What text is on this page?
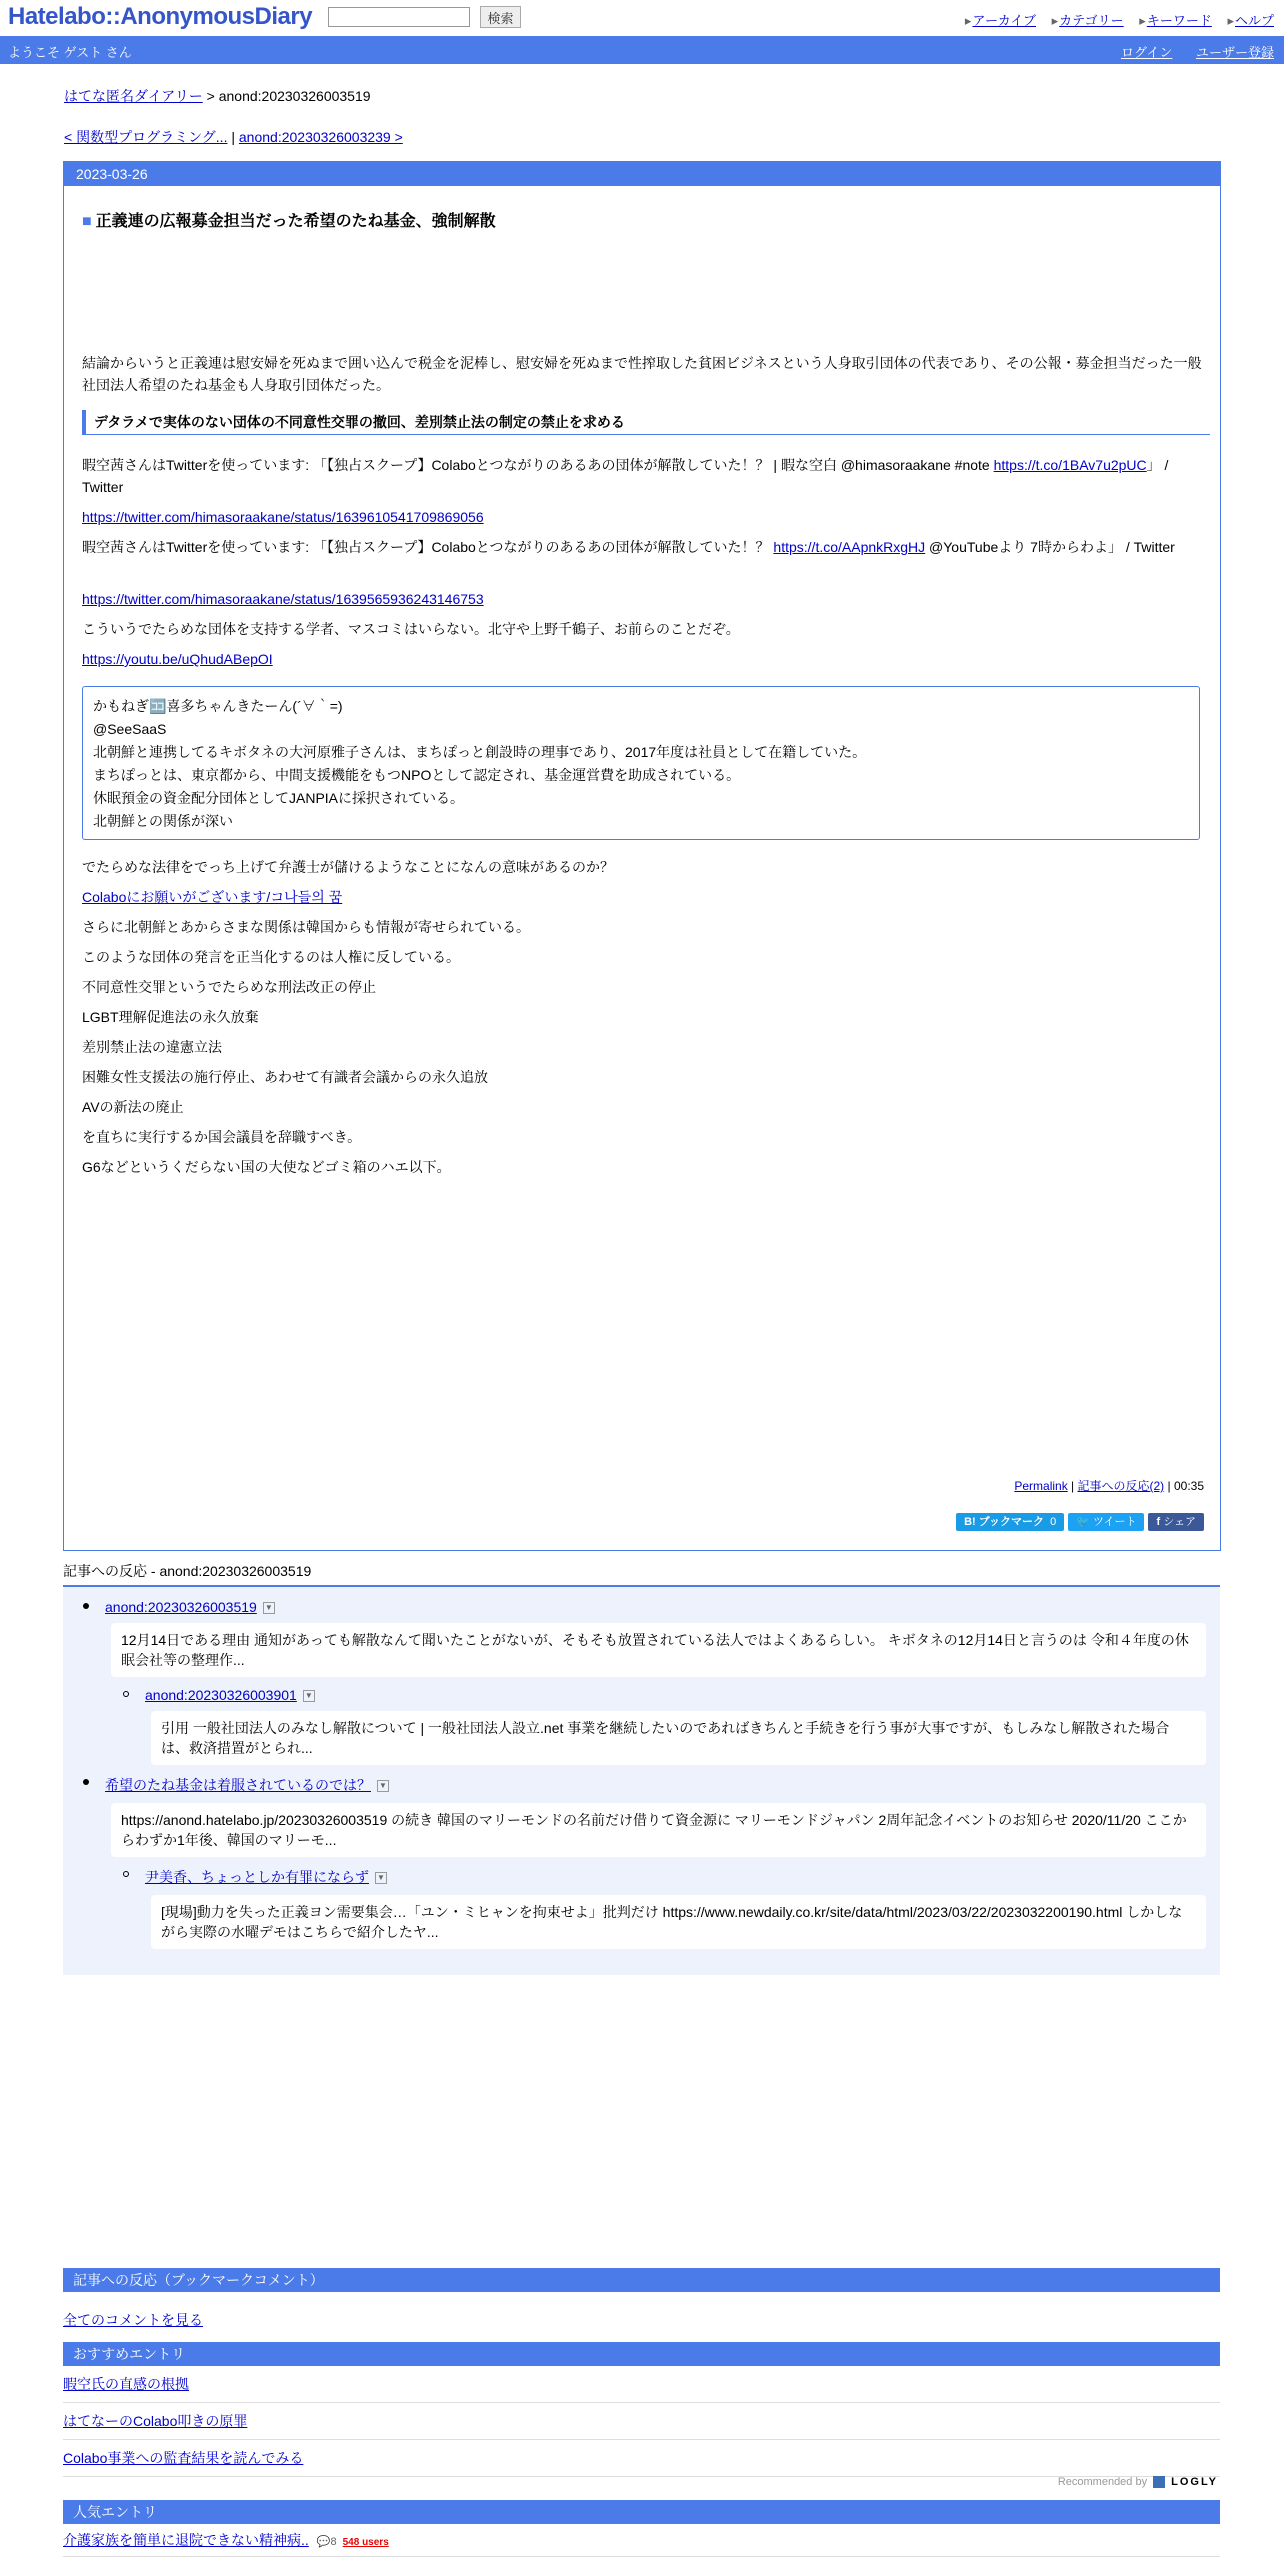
Hatelabo::AnonymousDiary	検索	▸ アーカイブ ▸ カテゴリー ▸ キーワード ▸ ヘルプ
ようこそ ゲスト さん	ログイン ユーザー登録
はてな匿名ダイアリー > anond:20230326003519
< 関数型プログラミング... | anond:20230326003239 >
2023-03-26
■ 正義連の広報募金担当だった希望のたね基金、強制解散
結論からいうと正義連は慰安婦を死ぬまで囲い込んで税金を泥棒し、慰安婦を死ぬまで性搾取した貧困ビジネスという人身取引団体の代表であり、その公報・募金担当だった一般社団法人希望のたね基金も人身取引団体だった。
デタラメで実体のない団体の不同意性交罪の撤回、差別禁止法の制定の禁止を求める
暇空茜さんはTwitterを使っています: 「【独占スクープ】Colaboとつながりのあるあの団体が解散していた！？ | 暇な空白 @himasoraakane #note https://t.co/1BAv7u2pUC」 / Twitter
https://twitter.com/himasoraakane/status/1639610541709869056
暇空茜さんはTwitterを使っています: 「【独占スクープ】Colaboとつながりのあるあの団体が解散していた！？ https://t.co/AApnkRxgHJ @YouTubeより 7時からわよ」 / Twitter
https://twitter.com/himasoraakane/status/1639565936243146753
こういうでたらめな団体を支持する学者、マスコミはいらない。北守や上野千鶴子、お前らのことだぞ。
https://youtu.be/uQhudABepOI
かもねぎ🈁喜多ちゃんきたーん(´∀｀=)
@SeeSaaS
北朝鮮と連携してるキボタネの大河原雅子さんは、まちぽっと創設時の理事であり、2017年度は社員として在籍していた。
まちぽっとは、東京都から、中間支援機能をもつNPOとして認定され、基金運営費を助成されている。
休眠預金の資金配分団体としてJANPIAに採択されている。
北朝鮮との関係が深い
でたらめな法律をでっち上げて弁護士が儲けるようなことになんの意味があるのか？
Colaboにお願いがございます/コ나들의 꿈
さらに北朝鮮とあからさまな関係は韓国からも情報が寄せられている。
このような団体の発言を正当化するのは人権に反している。
不同意性交罪というでたらめな刑法改正の停止
LGBT理解促進法の永久放棄
差別禁止法の違憲立法
困難女性支援法の施行停止、あわせて有識者会議からの永久追放
AVの新法の廃止
を直ちに実行するか国会議員を辞職すべき。
G6などというくだらない国の大使などゴミ箱のハエ以下。
Permalink | 記事への反応(2) | 00:35
B! ブックマーク 0 🐦 ツイート f シェア
記事への反応 - anond:20230326003519
anond:20230326003519 ▼
12月14日である理由 通知があっても解散なんて聞いたことがないが、そもそも放置されている法人ではよくあるらしい。 キボタネの12月14日と言うのは 令和４年度の休眠会社等の整理作...
anond:20230326003901 ▼
引用 一般社団法人のみなし解散について | 一般社団法人設立.net 事業を継続したいのであればきちんと手続きを行う事が大事ですが、もしみなし解散された場合は、救済措置がとられ...
希望のたね基金は着服されているのでは？ ▼
https://anond.hatelabo.jp/20230326003519 の続き 韓国のマリーモンドの名前だけ借りて資金源に マリーモンドジャパン 2周年記念イベントのお知らせ 2020/11/20 ここからわずか1年後、韓国のマリーモ...
尹美香、ちょっとしか有罪にならず ▼
[現場]動力を失った正義ヨン需要集会…「ユン・ミヒャンを拘束せよ」批判だけ https://www.newdaily.co.kr/site/data/html/2023/03/22/2023032200190.html しかしながら実際の水曜デモはこちらで紹介したヤ...
記事への反応（ブックマークコメント）
全てのコメントを見る
おすすめエントリ
暇空氏の直感の根拠
はてなーのColabo叩きの原罪
Colabo事業への監査結果を読んでみる
Recommended by LOGLY
人気エントリ
介護家族を簡単に退院できない精神病.. 💬8 548 users
